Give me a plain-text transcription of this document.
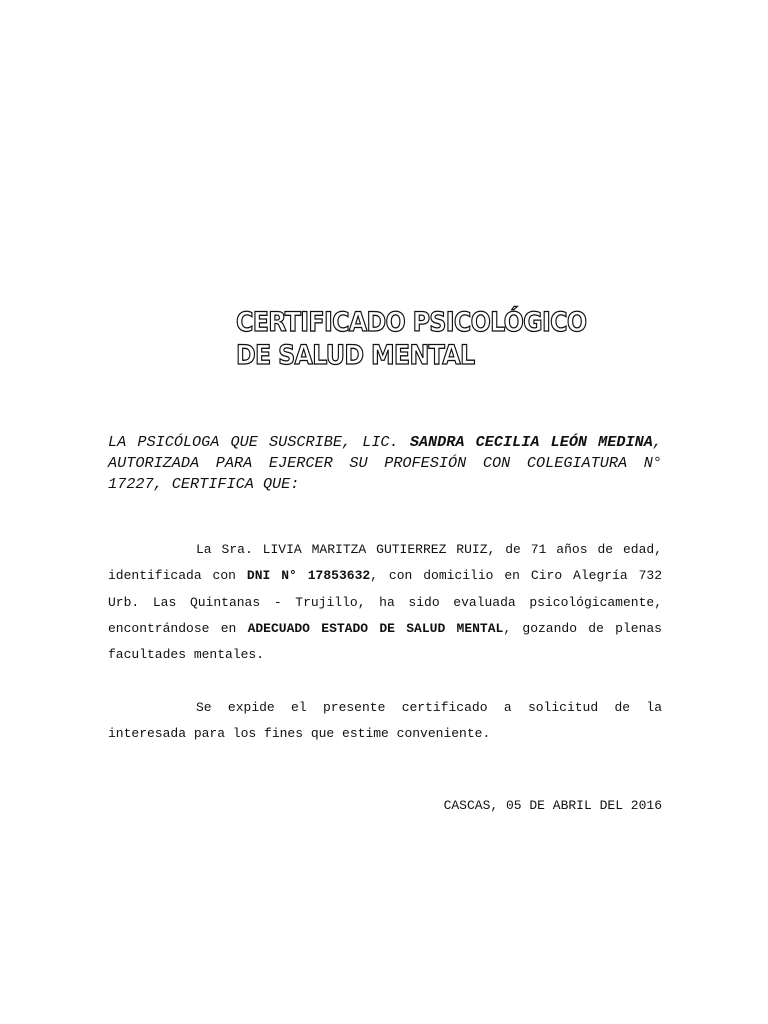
CERTIFICADO PSICOLÓGICO
DE SALUD MENTAL

LA PSICÓLOGA QUE SUSCRIBE, LIC. SANDRA CECILIA LEÓN MEDINA, AUTORIZADA PARA EJERCER SU PROFESIÓN CON COLEGIATURA N° 17227, CERTIFICA QUE:

La Sra. LIVIA MARITZA GUTIERREZ RUIZ, de 71 años de edad, identificada con DNI N° 17853632, con domicilio en Ciro Alegría 732 Urb. Las Quintanas - Trujillo, ha sido evaluada psicológicamente, encontrándose en ADECUADO ESTADO DE SALUD MENTAL, gozando de plenas facultades mentales.

Se expide el presente certificado a solicitud de la interesada para los fines que estime conveniente.

CASCAS, 05 DE ABRIL DEL 2016
